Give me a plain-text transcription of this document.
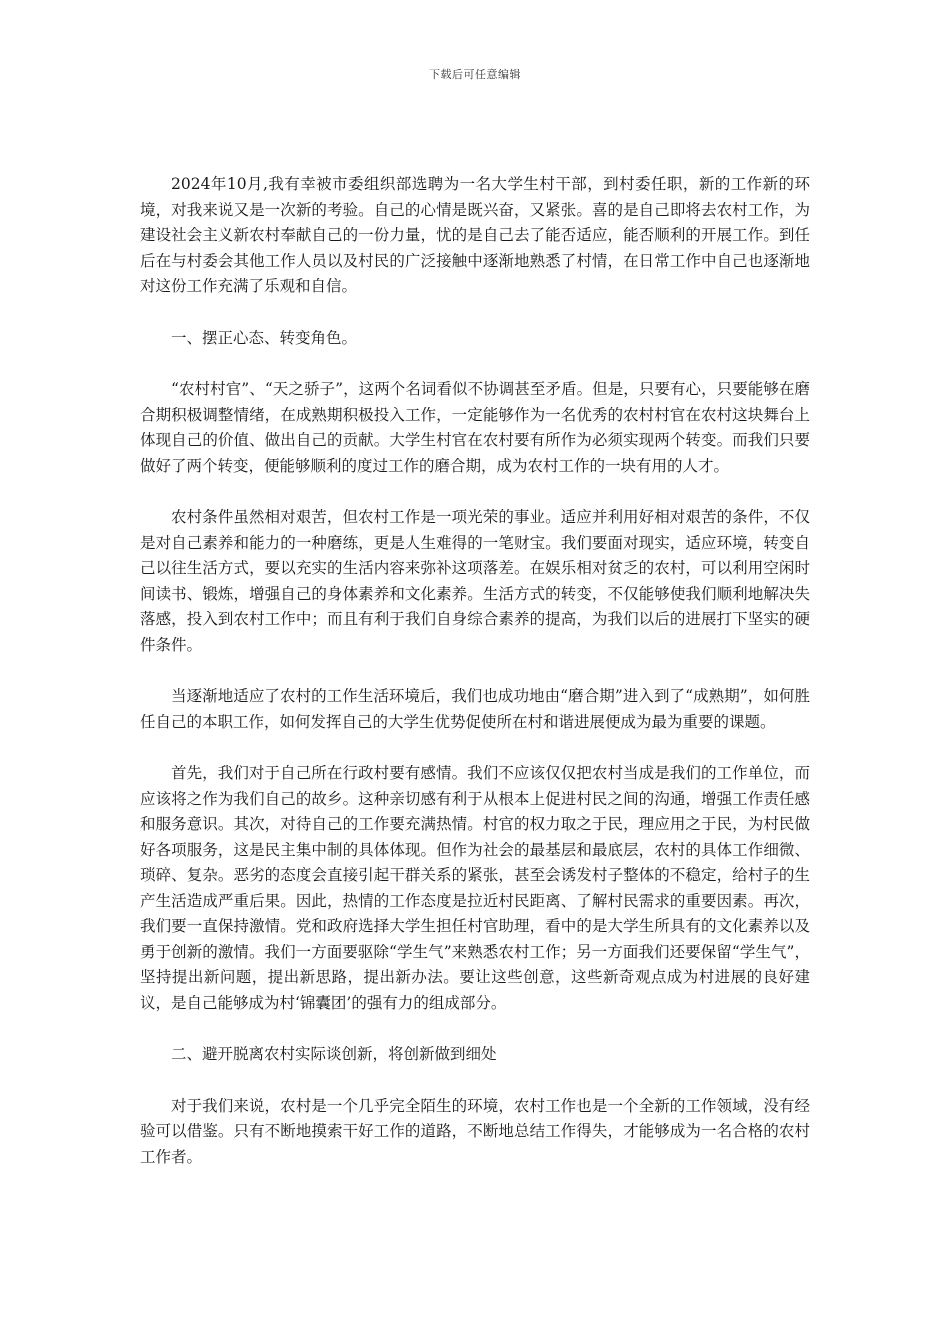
下载后可任意编辑

2024年10月,我有幸被市委组织部选聘为一名大学生村干部，到村委任职，新的工作新的环境，对我来说又是一次新的考验。自己的心情是既兴奋，又紧张。喜的是自己即将去农村工作，为建设社会主义新农村奉献自己的一份力量，忧的是自己去了能否适应，能否顺利的开展工作。到任后在与村委会其他工作人员以及村民的广泛接触中逐渐地熟悉了村情，在日常工作中自己也逐渐地对这份工作充满了乐观和自信。

一、摆正心态、转变角色。

“农村村官”、“天之骄子”，这两个名词看似不协调甚至矛盾。但是，只要有心，只要能够在磨合期积极调整情绪，在成熟期积极投入工作，一定能够作为一名优秀的农村村官在农村这块舞台上体现自己的价值、做出自己的贡献。大学生村官在农村要有所作为必须实现两个转变。而我们只要做好了两个转变，便能够顺利的度过工作的磨合期，成为农村工作的一块有用的人才。

农村条件虽然相对艰苦，但农村工作是一项光荣的事业。适应并利用好相对艰苦的条件，不仅是对自己素养和能力的一种磨练，更是人生难得的一笔财宝。我们要面对现实，适应环境，转变自己以往生活方式，要以充实的生活内容来弥补这项落差。在娱乐相对贫乏的农村，可以利用空闲时间读书、锻炼，增强自己的身体素养和文化素养。生活方式的转变，不仅能够使我们顺利地解决失落感，投入到农村工作中；而且有利于我们自身综合素养的提高，为我们以后的进展打下坚实的硬件条件。

当逐渐地适应了农村的工作生活环境后，我们也成功地由“磨合期”进入到了“成熟期”，如何胜任自己的本职工作，如何发挥自己的大学生优势促使所在村和谐进展便成为最为重要的课题。

首先，我们对于自己所在行政村要有感情。我们不应该仅仅把农村当成是我们的工作单位，而应该将之作为我们自己的故乡。这种亲切感有利于从根本上促进村民之间的沟通，增强工作责任感和服务意识。其次，对待自己的工作要充满热情。村官的权力取之于民，理应用之于民，为村民做好各项服务，这是民主集中制的具体体现。但作为社会的最基层和最底层，农村的具体工作细微、琐碎、复杂。恶劣的态度会直接引起干群关系的紧张，甚至会诱发村子整体的不稳定，给村子的生产生活造成严重后果。因此，热情的工作态度是拉近村民距离、了解村民需求的重要因素。再次，我们要一直保持激情。党和政府选择大学生担任村官助理，看中的是大学生所具有的文化素养以及勇于创新的激情。我们一方面要驱除“学生气”来熟悉农村工作；另一方面我们还要保留“学生气”，坚持提出新问题，提出新思路，提出新办法。要让这些创意，这些新奇观点成为村进展的良好建议，是自己能够成为村‘锦囊团’的强有力的组成部分。

二、避开脱离农村实际谈创新，将创新做到细处

对于我们来说，农村是一个几乎完全陌生的环境，农村工作也是一个全新的工作领域，没有经验可以借鉴。只有不断地摸索干好工作的道路，不断地总结工作得失，才能够成为一名合格的农村工作者。
